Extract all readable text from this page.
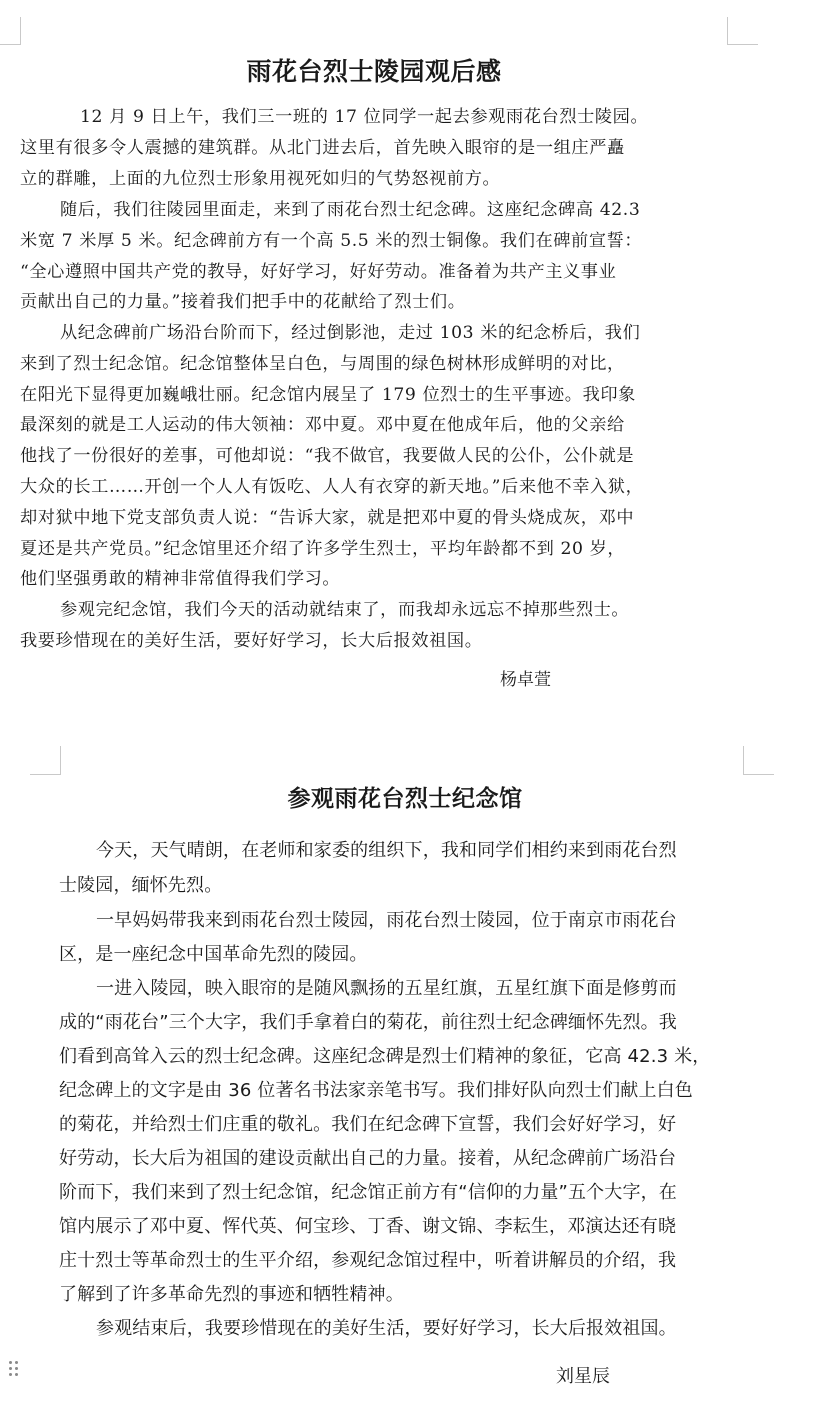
雨花台烈士陵园观后感
12 月 9 日上午，我们三一班的 17 位同学一起去参观雨花台烈士陵园。
这里有很多令人震撼的建筑群。从北门进去后，首先映入眼帘的是一组庄严矗
立的群雕，上面的九位烈士形象用视死如归的气势怒视前方。
随后，我们往陵园里面走，来到了雨花台烈士纪念碑。这座纪念碑高 42.3
米宽 7 米厚 5 米。纪念碑前方有一个高 5.5 米的烈士铜像。我们在碑前宣誓：
“全心遵照中国共产党的教导，好好学习，好好劳动。准备着为共产主义事业
贡献出自己的力量。”接着我们把手中的花献给了烈士们。
从纪念碑前广场沿台阶而下，经过倒影池，走过 103 米的纪念桥后，我们
来到了烈士纪念馆。纪念馆整体呈白色，与周围的绿色树林形成鲜明的对比，
在阳光下显得更加巍峨壮丽。纪念馆内展呈了 179 位烈士的生平事迹。我印象
最深刻的就是工人运动的伟大领袖：邓中夏。邓中夏在他成年后，他的父亲给
他找了一份很好的差事，可他却说：“我不做官，我要做人民的公仆，公仆就是
大众的长工……开创一个人人有饭吃、人人有衣穿的新天地。”后来他不幸入狱，
却对狱中地下党支部负责人说：“告诉大家，就是把邓中夏的骨头烧成灰，邓中
夏还是共产党员。”纪念馆里还介绍了许多学生烈士，平均年龄都不到 20 岁，
他们坚强勇敢的精神非常值得我们学习。
参观完纪念馆，我们今天的活动就结束了，而我却永远忘不掉那些烈士。
我要珍惜现在的美好生活，要好好学习，长大后报效祖国。
杨卓萱
参观雨花台烈士纪念馆
今天，天气晴朗，在老师和家委的组织下，我和同学们相约来到雨花台烈
士陵园，缅怀先烈。
一早妈妈带我来到雨花台烈士陵园，雨花台烈士陵园，位于南京市雨花台
区，是一座纪念中国革命先烈的陵园。
一进入陵园，映入眼帘的是随风飘扬的五星红旗，五星红旗下面是修剪而
成的“雨花台”三个大字，我们手拿着白的菊花，前往烈士纪念碑缅怀先烈。我
们看到高耸入云的烈士纪念碑。这座纪念碑是烈士们精神的象征，它高 42.3 米，
纪念碑上的文字是由 36 位著名书法家亲笔书写。我们排好队向烈士们献上白色
的菊花，并给烈士们庄重的敬礼。我们在纪念碑下宣誓，我们会好好学习，好
好劳动，长大后为祖国的建设贡献出自己的力量。接着，从纪念碑前广场沿台
阶而下，我们来到了烈士纪念馆，纪念馆正前方有“信仰的力量”五个大字，在
馆内展示了邓中夏、恽代英、何宝珍、丁香、谢文锦、李耘生，邓演达还有晓
庄十烈士等革命烈士的生平介绍，参观纪念馆过程中，听着讲解员的介绍，我
了解到了许多革命先烈的事迹和牺牲精神。
参观结束后，我要珍惜现在的美好生活，要好好学习，长大后报效祖国。
刘星辰
